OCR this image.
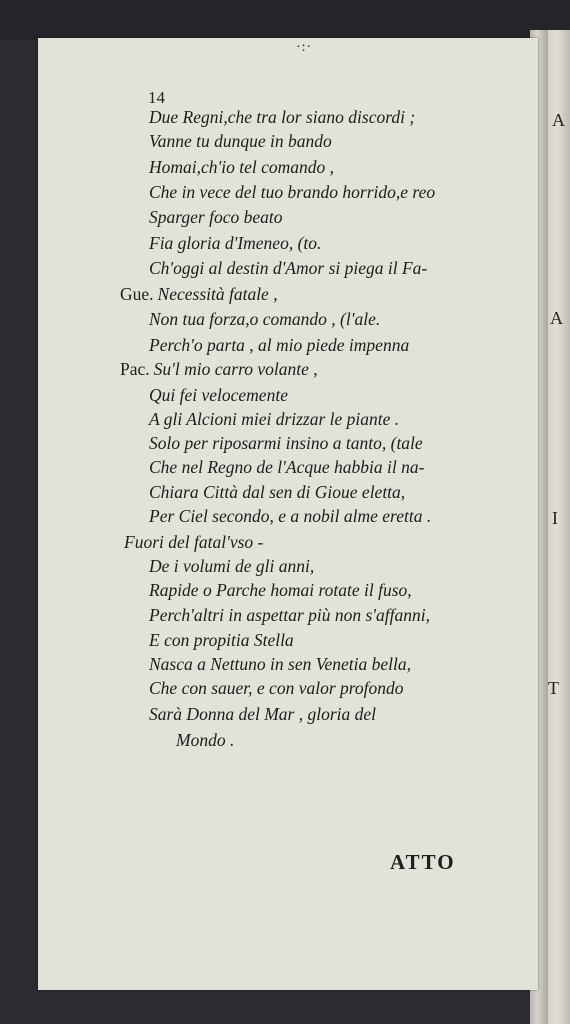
A
A
I
T
·:·
14
Due Regni,che tra lor siano discordi ;
Vanne tu dunque in bando
Homai,ch'io tel comando ,
Che in vece del tuo brando horrido,e reo
Sparger foco beato
Fia gloria d'Imeneo, (to.
Ch'oggi al destin d'Amor si piega il Fa-
Gue. Necessità fatale ,
Non tua forza,o comando , (l'ale.
Perch'o parta , al mio piede impenna
Pac. Su'l mio carro volante ,
Qui fei velocemente
A gli Alcioni miei drizzar le piante .
Solo per riposarmi insino a tanto, (tale
Che nel Regno de l'Acque habbia il na-
Chiara Città dal sen di Gioue eletta,
Per Ciel secondo, e a nobil alme eretta .
Fuori del fatal'vso -
De i volumi de gli anni,
Rapide o Parche homai rotate il fuso,
Perch'altri in aspettar più non s'affanni,
E con propitia Stella
Nasca a Nettuno in sen Venetia bella,
Che con sauer, e con valor profondo
Sarà Donna del Mar , gloria del
Mondo .
ATTO
